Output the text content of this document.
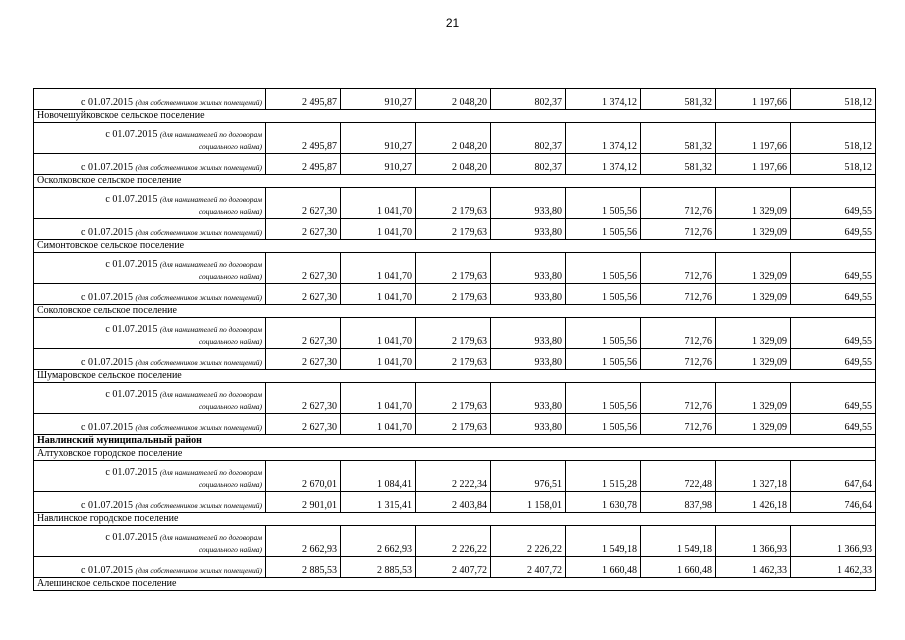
21
с 01.07.2015 (для собственников жилых помещений)	2 495,87	910,27	2 048,20	802,37	1 374,12	581,32	1 197,66	518,12
Новочешуйковское сельское поселение								
с 01.07.2015 (для нанимателей по договорам
социального найма)	2 495,87	910,27	2 048,20	802,37	1 374,12	581,32	1 197,66	518,12
с 01.07.2015 (для собственников жилых помещений)	2 495,87	910,27	2 048,20	802,37	1 374,12	581,32	1 197,66	518,12
Осколковское сельское поселение								
с 01.07.2015 (для нанимателей по договорам
социального найма)	2 627,30	1 041,70	2 179,63	933,80	1 505,56	712,76	1 329,09	649,55
с 01.07.2015 (для собственников жилых помещений)	2 627,30	1 041,70	2 179,63	933,80	1 505,56	712,76	1 329,09	649,55
Симонтовское сельское поселение								
с 01.07.2015 (для нанимателей по договорам
социального найма)	2 627,30	1 041,70	2 179,63	933,80	1 505,56	712,76	1 329,09	649,55
с 01.07.2015 (для собственников жилых помещений)	2 627,30	1 041,70	2 179,63	933,80	1 505,56	712,76	1 329,09	649,55
Соколовское сельское поселение								
с 01.07.2015 (для нанимателей по договорам
социального найма)	2 627,30	1 041,70	2 179,63	933,80	1 505,56	712,76	1 329,09	649,55
с 01.07.2015 (для собственников жилых помещений)	2 627,30	1 041,70	2 179,63	933,80	1 505,56	712,76	1 329,09	649,55
Шумаровское сельское поселение								
с 01.07.2015 (для нанимателей по договорам
социального найма)	2 627,30	1 041,70	2 179,63	933,80	1 505,56	712,76	1 329,09	649,55
с 01.07.2015 (для собственников жилых помещений)	2 627,30	1 041,70	2 179,63	933,80	1 505,56	712,76	1 329,09	649,55
Навлинский муниципальный район								
Алтуховское городское поселение								
с 01.07.2015 (для нанимателей по договорам
социального найма)	2 670,01	1 084,41	2 222,34	976,51	1 515,28	722,48	1 327,18	647,64
с 01.07.2015 (для собственников жилых помещений)	2 901,01	1 315,41	2 403,84	1 158,01	1 630,78	837,98	1 426,18	746,64
Навлинское городское поселение								
с 01.07.2015 (для нанимателей по договорам
социального найма)	2 662,93	2 662,93	2 226,22	2 226,22	1 549,18	1 549,18	1 366,93	1 366,93
с 01.07.2015 (для собственников жилых помещений)	2 885,53	2 885,53	2 407,72	2 407,72	1 660,48	1 660,48	1 462,33	1 462,33
Алешинское сельское поселение								
